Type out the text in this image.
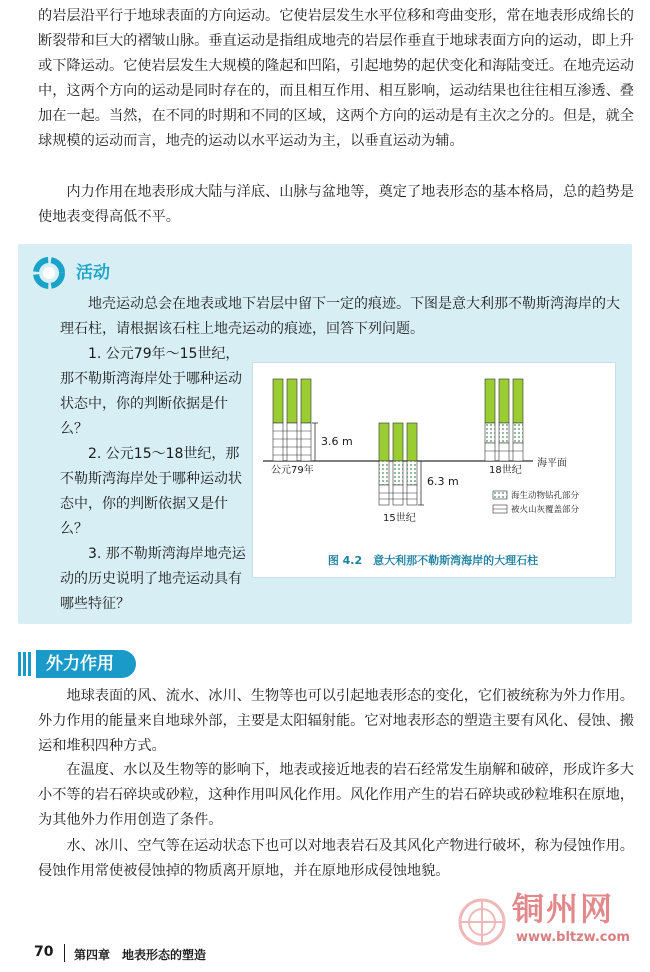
的岩层沿平行于地球表面的方向运动。它使岩层发生水平位移和弯曲变形，常在地表形成绵长的断裂带和巨大的褶皱山脉。垂直运动是指组成地壳的岩层作垂直于地球表面方向的运动，即上升或下降运动。它使岩层发生大规模的隆起和凹陷，引起地势的起伏变化和海陆变迁。在地壳运动中，这两个方向的运动是同时存在的，而且相互作用、相互影响，运动结果也往往相互渗透、叠加在一起。当然，在不同的时期和不同的区域，这两个方向的运动是有主次之分的。但是，就全球规模的运动而言，地壳的运动以水平运动为主，以垂直运动为辅。

内力作用在地表形成大陆与洋底、山脉与盆地等，奠定了地表形态的基本格局，总的趋势是使地表变得高低不平。

活动
地壳运动总会在地表或地下岩层中留下一定的痕迹。下图是意大利那不勒斯湾海岸的大理石柱，请根据该石柱上地壳运动的痕迹，回答下列问题。

1. 公元79年～15世纪，那不勒斯湾海岸处于哪种运动状态中，你的判断依据是什么？

2. 公元15～18世纪，那不勒斯湾海岸处于哪种运动状态中，你的判断依据又是什么？

3. 那不勒斯湾海岸地壳运动的历史说明了地壳运动具有哪些特征？

3.6 m
6.3 m
公元79年
15世纪
18世纪
海平面
海生动物钻孔部分
被火山灰覆盖部分
图 4.2　意大利那不勒斯湾海岸的大理石柱
外力作用

地球表面的风、流水、冰川、生物等也可以引起地表形态的变化，它们被统称为外力作用。外力作用的能量来自地球外部，主要是太阳辐射能。它对地表形态的塑造主要有风化、侵蚀、搬运和堆积四种方式。

在温度、水以及生物等的影响下，地表或接近地表的岩石经常发生崩解和破碎，形成许多大小不等的岩石碎块或砂粒，这种作用叫风化作用。风化作用产生的岩石碎块或砂粒堆积在原地，为其他外力作用创造了条件。

水、冰川、空气等在运动状态下也可以对地表岩石及其风化产物进行破坏，称为侵蚀作用。侵蚀作用常使被侵蚀掉的物质离开原地，并在原地形成侵蚀地貌。

铜州网
www.bltzw.com
70 第四章　地表形态的塑造
